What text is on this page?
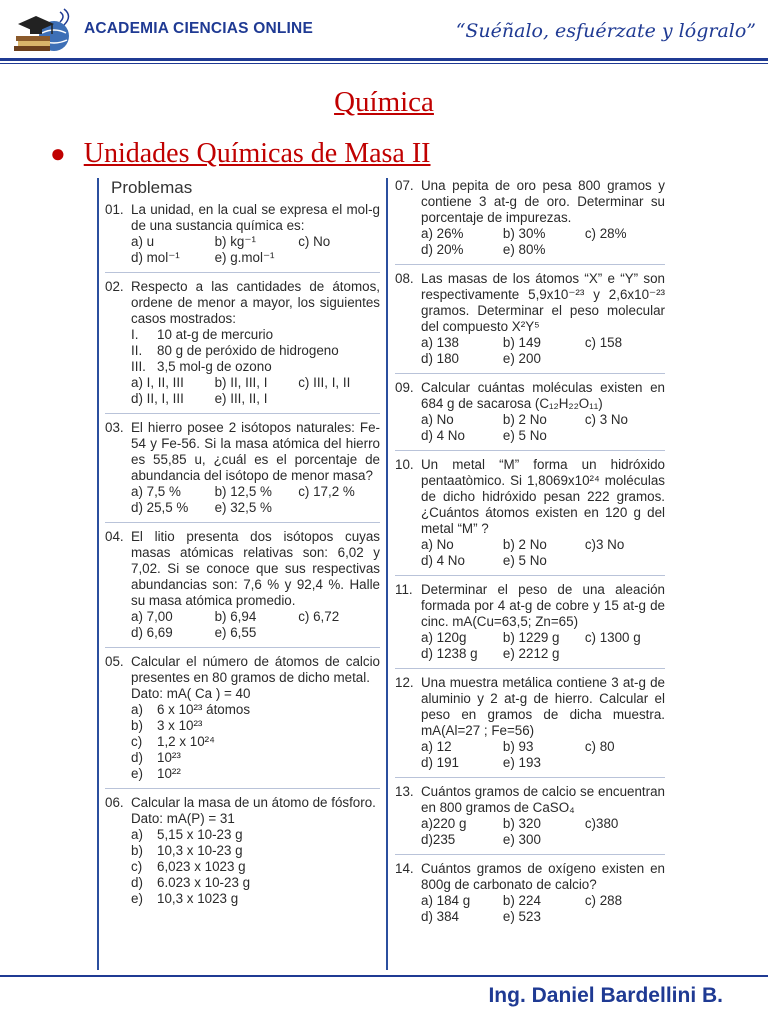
ACADEMIA CIENCIAS ONLINE	“Suéñalo, esfuérzate y lógralo”
Química
● Unidades Químicas de Masa II
Problemas
01. La unidad, en la cual se expresa el mol-g de una sustancia química es:
a) u	b) kg⁻¹	c) No
d) mol⁻¹	e) g.mol⁻¹
02. Respecto a las cantidades de átomos, ordene de menor a mayor, los siguientes casos mostrados:
I.	10 at-g de mercurio
II.	80 g de peróxido de hidrogeno
III. 3,5 mol-g de ozono
a) I, II, III	b) II, III, I	c) III, I, II
d) II, I, III	e) III, II, I
03. El hierro posee 2 isótopos naturales: Fe-54 y Fe-56. Si la masa atómica del hierro es 55,85 u, ¿cuál es el porcentaje de abundancia del isótopo de menor masa?
a) 7,5 %	b) 12,5 %	c) 17,2 %
d) 25,5 %	e) 32,5 %
04. El litio presenta dos isótopos cuyas masas atómicas relativas son: 6,02 y 7,02. Si se conoce que sus respectivas abundancias son: 7,6 % y 92,4 %. Halle su masa atómica promedio.
a) 7,00	b) 6,94	c) 6,72
d) 6,69	e) 6,55
05. Calcular el número de átomos de calcio presentes en 80 gramos de dicho metal.
Dato: mA( Ca ) = 40
a)	6 x 10²³ átomos
b)	3 x 10²³
c)	1,2 x 10²⁴
d)	10²³
e)	10²²
06. Calcular la masa de un átomo de fósforo.
Dato: mA(P) = 31
a)	5,15 x 10-23 g
b)	10,3 x 10-23 g
c)	6,023 x 1023 g
d)	6.023 x 10-23 g
e)	10,3 x 1023 g
07. Una pepita de oro pesa 800 gramos y contiene 3 at-g de oro. Determinar su porcentaje de impurezas.
a) 26%	b) 30%	c) 28%
d) 20%	e) 80%
08. Las masas de los átomos “X” e “Y” son respectivamente 5,9x10⁻²³ y 2,6x10⁻²³ gramos. Determinar el peso molecular del compuesto X²Y⁵
a) 138	b) 149	c) 158
d) 180	e) 200
09. Calcular cuántas moléculas existen en 684 g de sacarosa (C₁₂H₂₂O₁₁)
a) No	b) 2 No	c) 3 No
d) 4 No	e) 5 No
10. Un metal “M” forma un hidróxido pentaatòmico. Si 1,8069x10²⁴ moléculas de dicho hidróxido pesan 222 gramos. ¿Cuántos átomos existen en 120 g del metal “M” ?
a) No	b) 2 No	c)3 No
d) 4 No	e) 5 No
11. Determinar el peso de una aleación formada por 4 at-g de cobre y 15 at-g de cinc. mA(Cu=63,5; Zn=65)
a) 120g	b) 1229 g	c) 1300 g
d) 1238 g	e) 2212 g
12. Una muestra metálica contiene 3 at-g de aluminio y 2 at-g de hierro. Calcular el peso en gramos de dicha muestra. mA(Al=27 ; Fe=56)
a) 12	b) 93	c) 80
d) 191	e) 193
13. Cuántos gramos de calcio se encuentran en 800 gramos de CaSO₄
a)220 g	b) 320	c)380
d)235	e) 300
14. Cuántos gramos de oxígeno existen en 800g de carbonato de calcio?
a) 184 g	b) 224	c) 288
d) 384	e) 523
Ing. Daniel Bardellini B.
